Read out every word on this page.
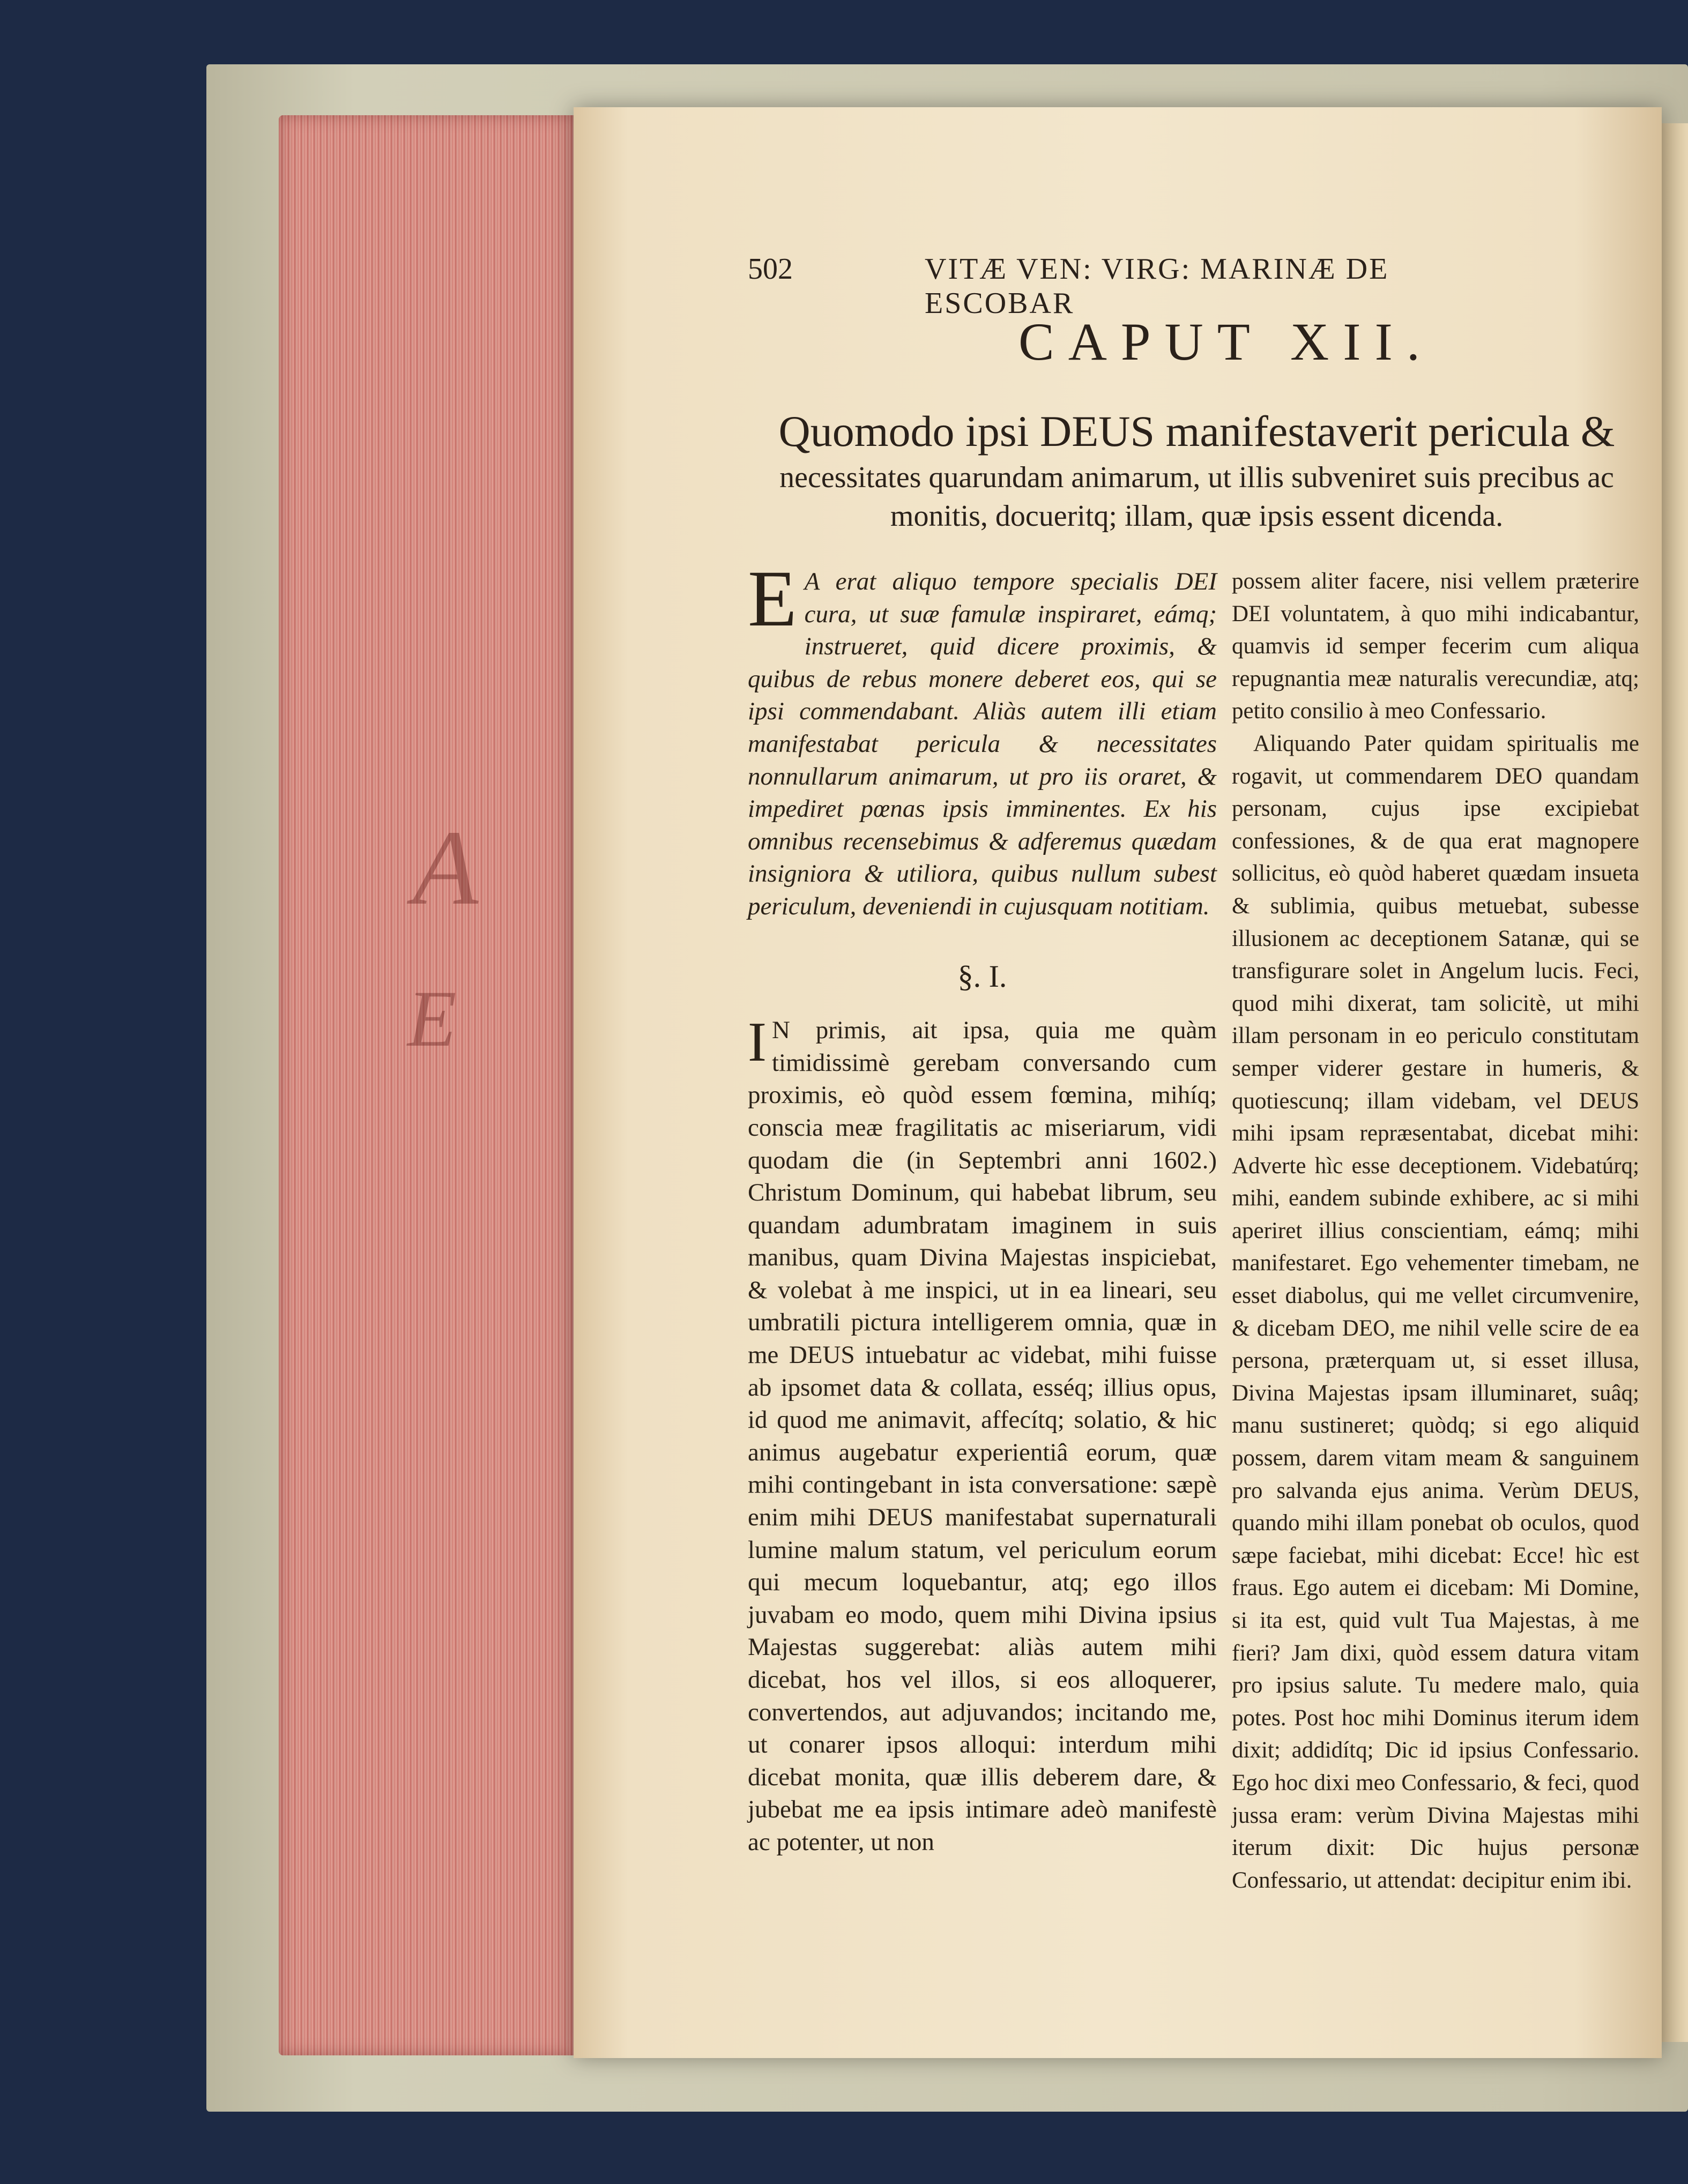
A
E
502	VITÆ VEN: VIRG: MARINÆ DE ESCOBAR
CAPUT XII.
Quomodo ipsi DEUS manifestaverit pericula &
necessitates quarundam animarum, ut illis subveniret suis precibus ac
monitis, docueritq; illam, quæ ipsis essent dicenda.

E A erat aliquo tempore specialis DEI cura, ut suæ famulæ inspiraret, eámq; instrueret, quid dicere proximis, & quibus de rebus monere deberet eos, qui se ipsi commendabant. Aliàs autem illi etiam manifestabat pericula & necessitates nonnullarum animarum, ut pro iis oraret, & impediret pœnas ipsis imminentes. Ex his omnibus recensebimus & adferemus quædam insigniora & utiliora, quibus nullum subest periculum, deveniendi in cujusquam notitiam.

§. I.

I N primis, ait ipsa, quia me quàm timidissimè gerebam conversando cum proximis, eò quòd essem fœmina, mihíq; conscia meæ fragilitatis ac miseriarum, vidi quodam die (in Septembri anni 1602.) Christum Dominum, qui habebat librum, seu quandam adumbratam imaginem in suis manibus, quam Divina Majestas inspiciebat, & volebat à me inspici, ut in ea lineari, seu umbratili pictura intelligerem omnia, quæ in me DEUS intuebatur ac videbat, mihi fuisse ab ipsomet data & collata, esséq; illius opus, id quod me animavit, affecítq; solatio, & hic animus augebatur experientiâ eorum, quæ mihi contingebant in ista conversatione: sæpè enim mihi DEUS manifestabat supernaturali lumine malum statum, vel periculum eorum qui mecum loquebantur, atq; ego illos juvabam eo modo, quem mihi Divina ipsius Majestas suggerebat: aliàs autem mihi dicebat, hos vel illos, si eos alloquerer, convertendos, aut adjuvandos; incitando me, ut conarer ipsos alloqui: interdum mihi dicebat monita, quæ illis deberem dare, & jubebat me ea ipsis intimare adeò manifestè ac potenter, ut non

possem aliter facere, nisi vellem præterire DEI voluntatem, à quo mihi indicabantur, quamvis id semper fecerim cum aliqua repugnantia meæ naturalis verecundiæ, atq; petito consilio à meo Confessario.

Aliquando Pater quidam spiritualis me rogavit, ut commendarem DEO quandam personam, cujus ipse excipiebat confessiones, & de qua erat magnopere sollicitus, eò quòd haberet quædam insueta & sublimia, quibus metuebat, subesse illusionem ac deceptionem Satanæ, qui se transfigurare solet in Angelum lucis. Feci, quod mihi dixerat, tam solicitè, ut mihi illam personam in eo periculo constitutam semper viderer gestare in humeris, & quotiescunq; illam videbam, vel DEUS mihi ipsam repræsentabat, dicebat mihi: Adverte hìc esse deceptionem. Videbatúrq; mihi, eandem subinde exhibere, ac si mihi aperiret illius conscientiam, eámq; mihi manifestaret. Ego vehementer timebam, ne esset diabolus, qui me vellet circumvenire, & dicebam DEO, me nihil velle scire de ea persona, præterquam ut, si esset illusa, Divina Majestas ipsam illuminaret, suâq; manu sustineret; quòdq; si ego aliquid possem, darem vitam meam & sanguinem pro salvanda ejus anima. Verùm DEUS, quando mihi illam ponebat ob oculos, quod sæpe faciebat, mihi dicebat: Ecce! hìc est fraus. Ego autem ei dicebam: Mi Domine, si ita est, quid vult Tua Majestas, à me fieri? Jam dixi, quòd essem datura vitam pro ipsius salute. Tu medere malo, quia potes. Post hoc mihi Dominus iterum idem dixit; addidítq; Dic id ipsius Confessario. Ego hoc dixi meo Confessario, & feci, quod jussa eram: verùm Divina Majestas mihi iterum dixit: Dic hujus personæ Confessario, ut attendat: decipitur enim ibi.
